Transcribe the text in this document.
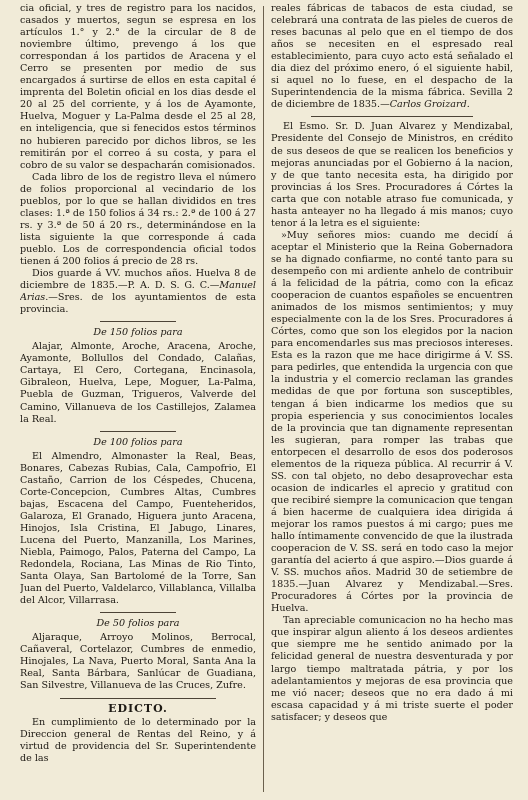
cia oficial, y tres de registro para los nacidos, casados y muertos, segun se espresa en los artículos 1.° y 2.° de la circular de 8 de noviembre último, prevengo á los que correspondan á los partidos de Aracena y el Cerro se presenten por medio de sus encargados á surtirse de ellos en esta capital é imprenta del Boletin oficial en los dias desde el 20 al 25 del corriente, y á los de Ayamonte, Huelva, Moguer y La-Palma desde el 25 al 28, en inteligencia, que si fenecidos estos términos no hubieren parecido por dichos libros, se les remitirán por el correo á su costa, y para el cobro de su valor se despacharán comisionados.

Cada libro de los de registro lleva el número de folios proporcional al vecindario de los pueblos, por lo que se hallan divididos en tres clases: 1.ª de 150 folios á 34 rs.: 2.ª de 100 á 27 rs. y 3.ª de 50 á 20 rs., determinándose en la lista siguiente la que corresponde á cada pueblo. Los de correspondencia oficial todos tienen á 200 folios á precio de 28 rs.

Dios guarde á VV. muchos años. Huelva 8 de diciembre de 1835.—P. A. D. S. G. C.—Manuel Arias.—Sres. de los ayuntamientos de esta provincia.

De 150 folios para

Alajar, Almonte, Aroche, Aracena, Aroche, Ayamonte, Bollullos del Condado, Calañas, Cartaya, El Cero, Cortegana, Encinasola, Gibraleon, Huelva, Lepe, Moguer, La-Palma, Puebla de Guzman, Trigueros, Valverde del Camino, Villanueva de los Castillejos, Zalamea la Real.

De 100 folios para

El Almendro, Almonaster la Real, Beas, Bonares, Cabezas Rubias, Cala, Campofrio, El Castaño, Carrion de los Céspedes, Chucena, Corte-Concepcion, Cumbres Altas, Cumbres bajas, Escacena del Campo, Fuenteheridos, Galaroza, El Granado, Higuera junto Aracena, Hinojos, Isla Cristina, El Jabugo, Linares, Lucena del Puerto, Manzanilla, Los Marines, Niebla, Paimogo, Palos, Paterna del Campo, La Redondela, Rociana, Las Minas de Rio Tinto, Santa Olaya, San Bartolomé de la Torre, San Juan del Puerto, Valdelarco, Villablanca, Villalba del Alcor, Villarrasa.

De 50 folios para

Aljaraque, Arroyo Molinos, Berrocal, Cañaveral, Cortelazor, Cumbres de enmedio, Hinojales, La Nava, Puerto Moral, Santa Ana la Real, Santa Bárbara, Sanlúcar de Guadiana, San Silvestre, Villanueva de las Cruces, Zufre.

EDICTO.

En cumplimiento de lo determinado por la Direccion general de Rentas del Reino, y á virtud de providencia del Sr. Superintendente de las

reales fábricas de tabacos de esta ciudad, se celebrará una contrata de las pieles de cueros de reses bacunas al pelo que en el tiempo de dos años se necesiten en el espresado real establecimiento, para cuyo acto está señalado el dia diez del próximo enero, ó el siguiente habil, si aquel no lo fuese, en el despacho de la Superintendencia de la misma fábrica. Sevilla 2 de diciembre de 1835.—Carlos Groizard.

El Esmo. Sr. D. Juan Alvarez y Mendizabal, Presidente del Consejo de Ministros, en crédito de sus deseos de que se realicen los beneficios y mejoras anunciadas por el Gobierno á la nacion, y de que tanto necesita esta, ha dirigido por provincias á los Sres. Procuradores á Córtes la carta que con notable atraso fue comunicada, y hasta anteayer no ha llegado á mis manos; cuyo tenor á la letra es el siguiente:

»Muy señores mios: cuando me decidí á aceptar el Ministerio que la Reina Gobernadora se ha dignado confiarme, no conté tanto para su desempeño con mi ardiente anhelo de contribuir á la felicidad de la pátria, como con la eficaz cooperacion de cuantos españoles se encuentren animados de los mismos sentimientos; y muy especialmente con la de los Sres. Procuradores á Córtes, como que son los elegidos por la nacion para encomendarles sus mas preciosos intereses. Esta es la razon que me hace dirigirme á V. SS. para pedirles, que entendida la urgencia con que la industria y el comercio reclaman las grandes medidas de que por fortuna son susceptibles, tengan á bien indicarme los medios que su propia esperiencia y sus conocimientos locales de la provincia que tan dignamente representan les sugieran, para romper las trabas que entorpecen el desarrollo de esos dos poderosos elementos de la riqueza pública. Al recurrir á V. SS. con tal objeto, no debo desaprovechar esta ocasion de indicarles el aprecio y gratitud con que recibiré siempre la comunicacion que tengan á bien hacerme de cualquiera idea dirigida á mejorar los ramos puestos á mi cargo; pues me hallo íntimamente convencido de que la ilustrada cooperacion de V. SS. será en todo caso la mejor garantía del acierto á que aspiro.—Dios guarde á V. SS. muchos años. Madrid 30 de setiembre de 1835.—Juan Alvarez y Mendizabal.—Sres. Procuradores á Córtes por la provincia de Huelva.

Tan apreciable comunicacion no ha hecho mas que inspirar algun aliento á los deseos ardientes que siempre me he sentido animado por la felicidad general de nuestra desventurada y por largo tiempo maltratada pátria, y por los adelantamientos y mejoras de esa provincia que me vió nacer; deseos que no era dado á mi escasa capacidad y á mi triste suerte el poder satisfacer; y deseos que
